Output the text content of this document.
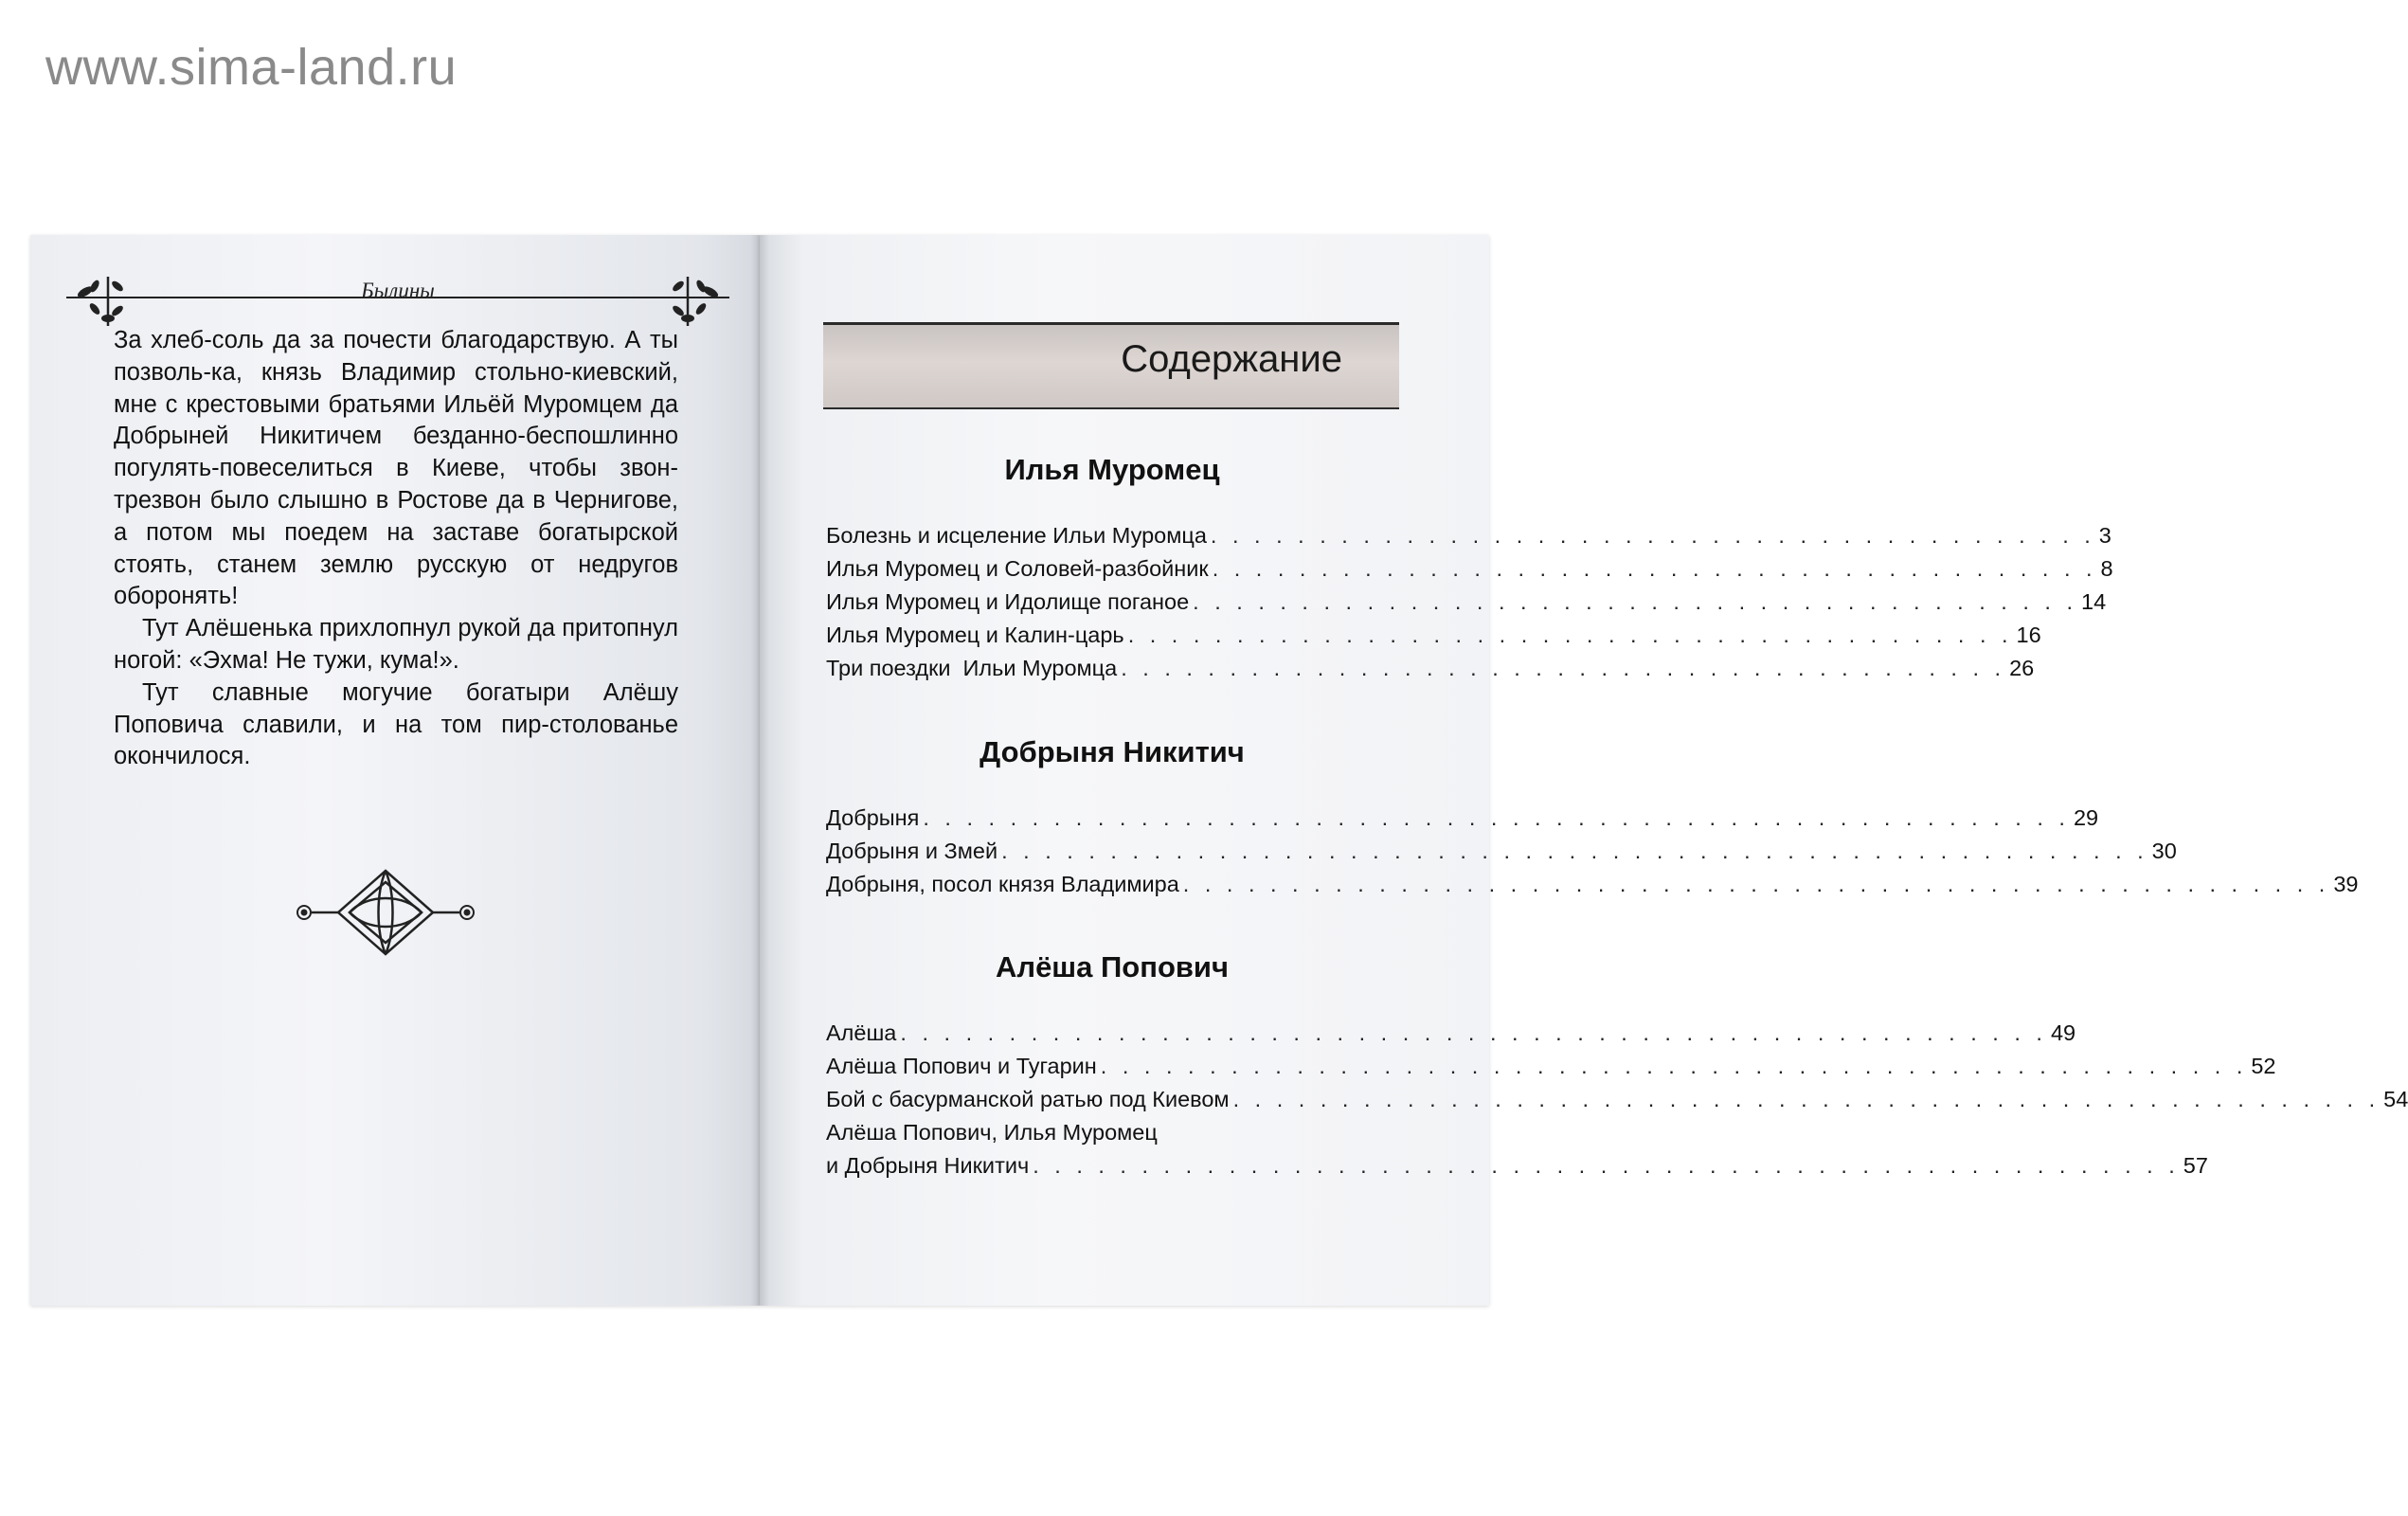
www.sima-land.ru
Былины

За хлеб-соль да за почести благодарствую. А ты позволь-ка, князь Владимир стольно-киевский, мне с крестовыми братьями Ильёй Муромцем да Добрыней Никитичем безданно-беспошлинно погулять-повеселиться в Киеве, чтобы звон-трезвон было слышно в Ростове да в Чернигове, а потом мы поедем на заставе богатырской стоять, станем землю русскую от недругов оборонять!

Тут Алёшенька прихлопнул рукой да притопнул ногой: «Эхма! Не тужи, кума!».

Тут славные могучие богатыри Алёшу Поповича славили, и на том пир-столованье окончилося.

Содержание
Илья Муромец
Болезнь и исцеление Ильи Муромца . . . . . . . . . . . . . . . . . . . . . . . . . . . . . . . . . . . . . . . . . 3
Илья Муромец и Соловей-разбойник . . . . . . . . . . . . . . . . . . . . . . . . . . . . . . . . . . . . . . . . . 8
Илья Муромец и Идолище поганое . . . . . . . . . . . . . . . . . . . . . . . . . . . . . . . . . . . . . . . . . 14
Илья Муромец и Калин-царь . . . . . . . . . . . . . . . . . . . . . . . . . . . . . . . . . . . . . . . . . 16
Три поездки  Ильи Муромца . . . . . . . . . . . . . . . . . . . . . . . . . . . . . . . . . . . . . . . . . 26
Добрыня Никитич
Добрыня . . . . . . . . . . . . . . . . . . . . . . . . . . . . . . . . . . . . . . . . . . . . . . . . . . . . . 29
Добрыня и Змей . . . . . . . . . . . . . . . . . . . . . . . . . . . . . . . . . . . . . . . . . . . . . . . . . . . . . 30
Добрыня, посол князя Владимира . . . . . . . . . . . . . . . . . . . . . . . . . . . . . . . . . . . . . . . . . . . . . . . . . . . . . 39
Алёша Попович
Алёша . . . . . . . . . . . . . . . . . . . . . . . . . . . . . . . . . . . . . . . . . . . . . . . . . . . . . 49
Алёша Попович и Тугарин . . . . . . . . . . . . . . . . . . . . . . . . . . . . . . . . . . . . . . . . . . . . . . . . . . . . . 52
Бой с басурманской ратью под Киевом . . . . . . . . . . . . . . . . . . . . . . . . . . . . . . . . . . . . . . . . . . . . . . . . . . . . . 54
Алёша Попович, Илья Муромец
и Добрыня Никитич . . . . . . . . . . . . . . . . . . . . . . . . . . . . . . . . . . . . . . . . . . . . . . . . . . . . . 57
